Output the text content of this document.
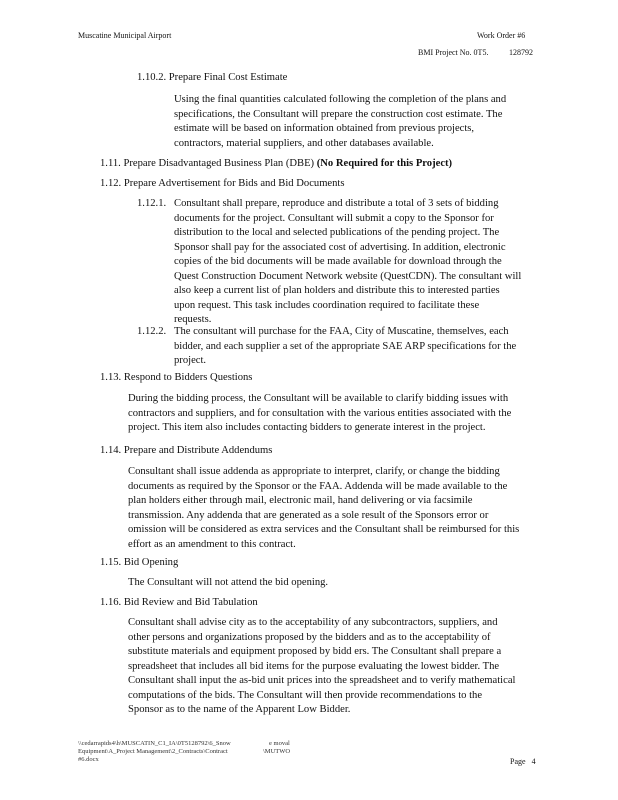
Muscatine Municipal Airport	Work Order #6
BMI Project No. 0T5.	128792
1.10.2. Prepare Final Cost Estimate
Using the final quantities calculated following the completion of the plans and
specifications, the Consultant will prepare the construction cost estimate. The
estimate will be based on information obtained from previous projects,
contractors, material suppliers, and other databases available.
1.11. Prepare Disadvantaged Business Plan (DBE) (No Required for this Project)
1.12. Prepare Advertisement for Bids and Bid Documents
1.12.1. Consultant shall prepare, reproduce and distribute a total of 3 sets of bidding
documents for the project. Consultant will submit a copy to the Sponsor for
distribution to the local and selected publications of the pending project. The
Sponsor shall pay for the associated cost of advertising. In addition, electronic
copies of the bid documents will be made available for download through the
Quest Construction Document Network website (QuestCDN). The consultant will
also keep a current list of plan holders and distribute this to interested parties
upon request. This task includes coordination required to facilitate these
requests.
1.12.2. The consultant will purchase for the FAA, City of Muscatine, themselves, each
bidder, and each supplier a set of the appropriate SAE ARP specifications for the
project.
1.13. Respond to Bidders Questions
During the bidding process, the Consultant will be available to clarify bidding issues with
contractors and suppliers, and for consultation with the various entities associated with the
project. This item also includes contacting bidders to generate interest in the project.
1.14. Prepare and Distribute Addendums
Consultant shall issue addenda as appropriate to interpret, clarify, or change the bidding
documents as required by the Sponsor or the FAA. Addenda will be made available to the
plan holders either through mail, electronic mail, hand delivering or via facsimile
transmission. Any addenda that are generated as a sole result of the Sponsors error or
omission will be considered as extra services and the Consultant shall be reimbursed for this
effort as an amendment to this contract.
1.15. Bid Opening
The Consultant will not attend the bid opening.
1.16. Bid Review and Bid Tabulation
Consultant shall advise city as to the acceptability of any subcontractors, suppliers, and
other persons and organizations proposed by the bidders and as to the acceptability of
substitute materials and equipment proposed by bidd ers. The Consultant shall prepare a
spreadsheet that includes all bid items for the purpose evaluating the lowest bidder. The
Consultant shall input the as-bid unit prices into the spreadsheet and to verify mathematical
computations of the bids. The Consultant will then provide recommendations to the
Sponsor as to the name of the Apparent Low Bidder.
\\cedarrapids4\h\MUSCATIN_C1_IA\0T5128792\6_Snow
Equipment\A_Project Management\2_Contracts\Contract
#6.docx
e moval
\MUTWO
Page 4
